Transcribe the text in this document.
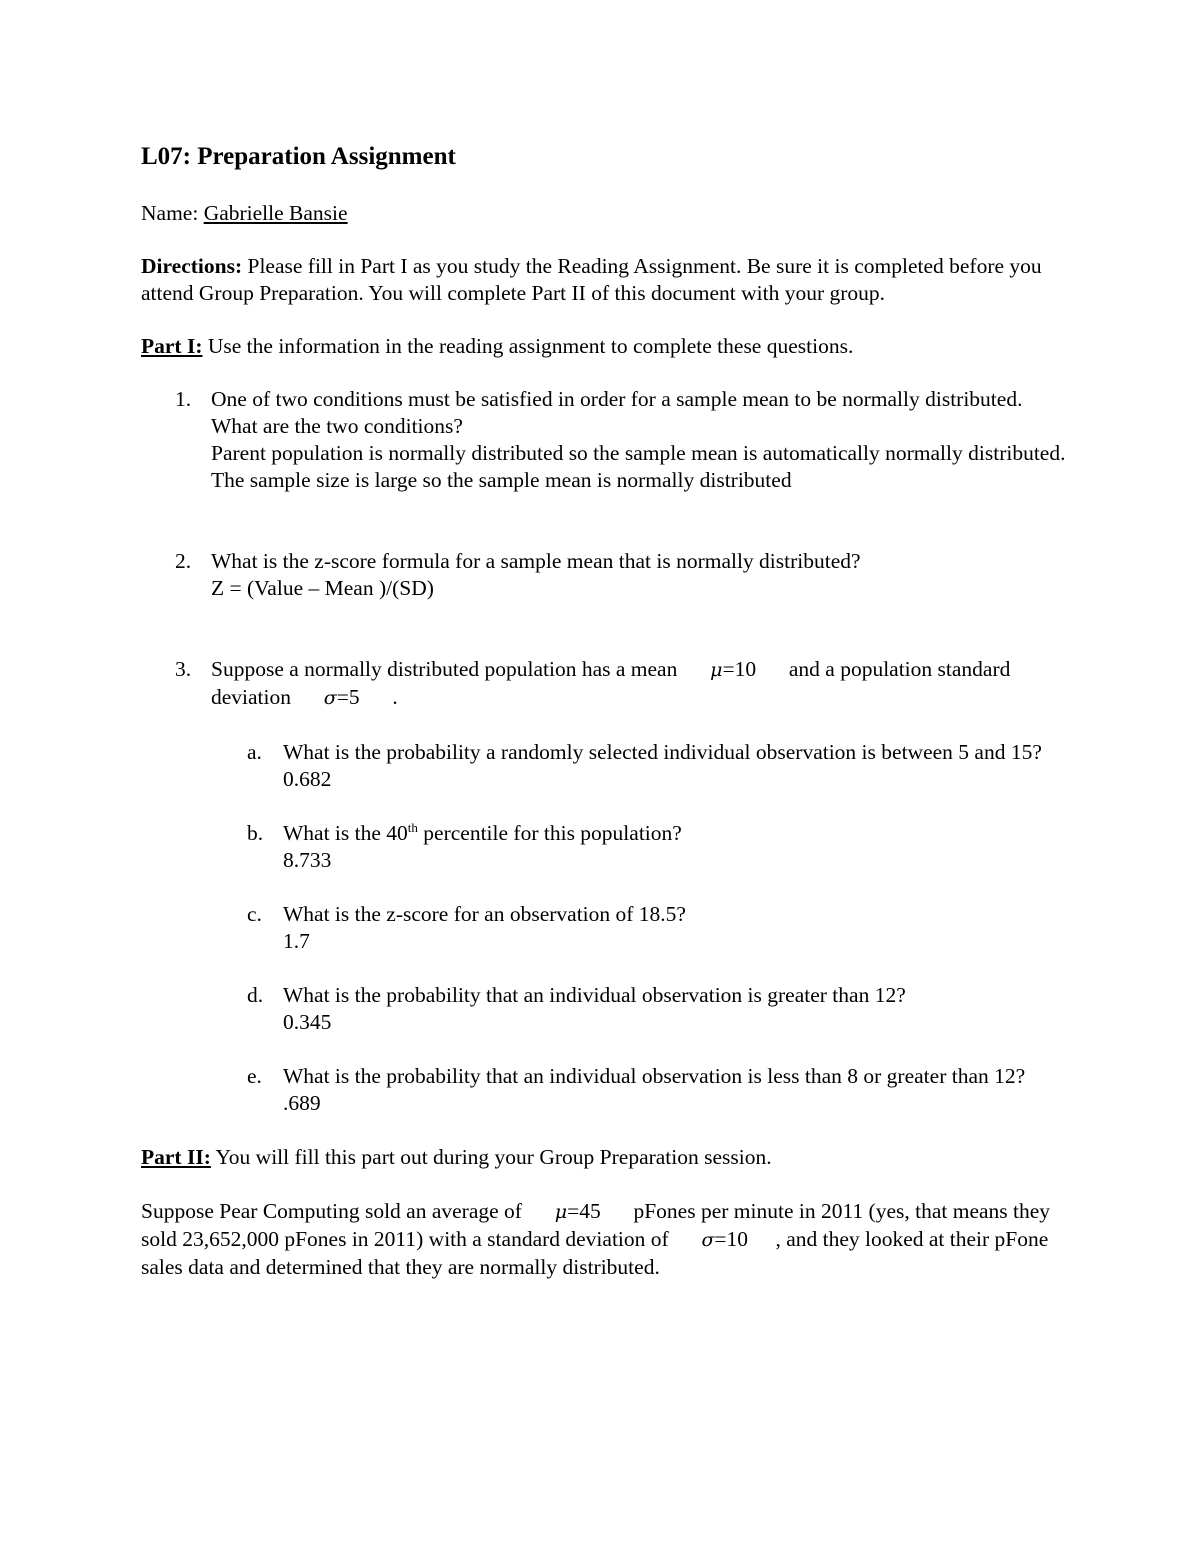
L07: Preparation Assignment
Name: Gabrielle Bansie
Directions: Please fill in Part I as you study the Reading Assignment. Be sure it is completed before you attend Group Preparation. You will complete Part II of this document with your group.
Part I: Use the information in the reading assignment to complete these questions.
1. One of two conditions must be satisfied in order for a sample mean to be normally distributed. What are the two conditions?
Parent population is normally distributed so the sample mean is automatically normally distributed.
The sample size is large so the sample mean is normally distributed
2. What is the z-score formula for a sample mean that is normally distributed?
Z = (Value – Mean )/(SD)
3. Suppose a normally distributed population has a mean μ=10 and a population standard deviation σ=5 .
a. What is the probability a randomly selected individual observation is between 5 and 15?
0.682
b. What is the 40th percentile for this population?
8.733
c. What is the z-score for an observation of 18.5?
1.7
d. What is the probability that an individual observation is greater than 12?
0.345
e. What is the probability that an individual observation is less than 8 or greater than 12?
.689
Part II: You will fill this part out during your Group Preparation session.
Suppose Pear Computing sold an average of μ=45 pFones per minute in 2011 (yes, that means they sold 23,652,000 pFones in 2011) with a standard deviation of σ=10 , and they looked at their pFone sales data and determined that they are normally distributed.
